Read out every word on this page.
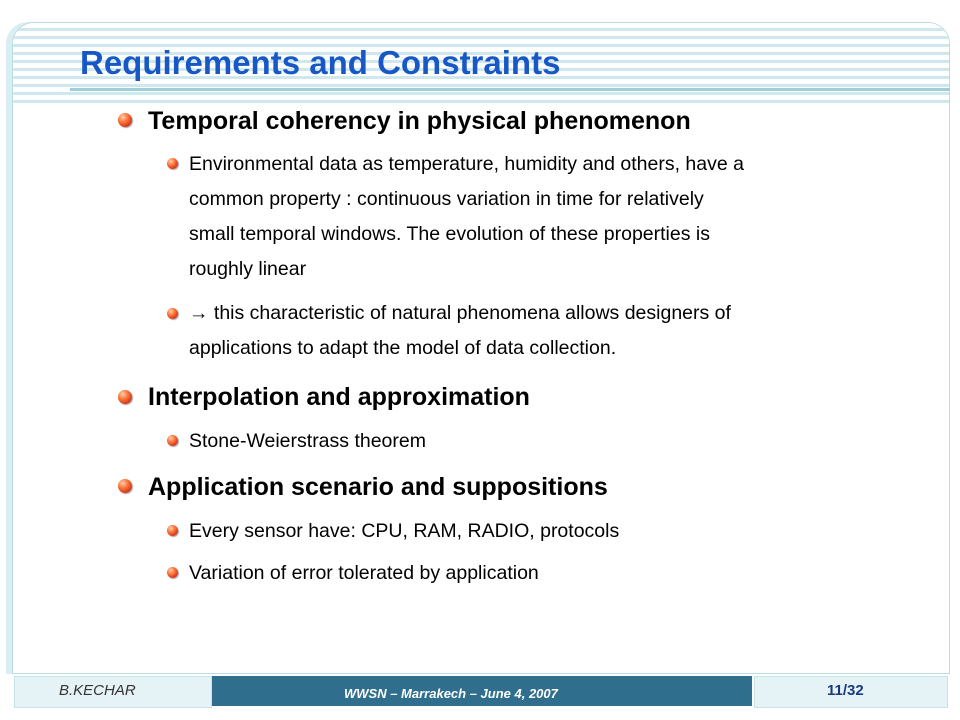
Requirements and Constraints
Temporal coherency in physical phenomenon
Environmental data as temperature, humidity and others, have a
common property : continuous variation in time for relatively
small temporal windows. The evolution of these properties is
roughly linear
→ this characteristic of natural phenomena allows designers of
applications to adapt the model of data collection.
Interpolation and approximation
Stone-Weierstrass theorem
Application scenario and suppositions
Every sensor have: CPU, RAM, RADIO, protocols
Variation of error tolerated by application
B.KECHAR	WWSN – Marrakech – June 4, 2007	11/32
